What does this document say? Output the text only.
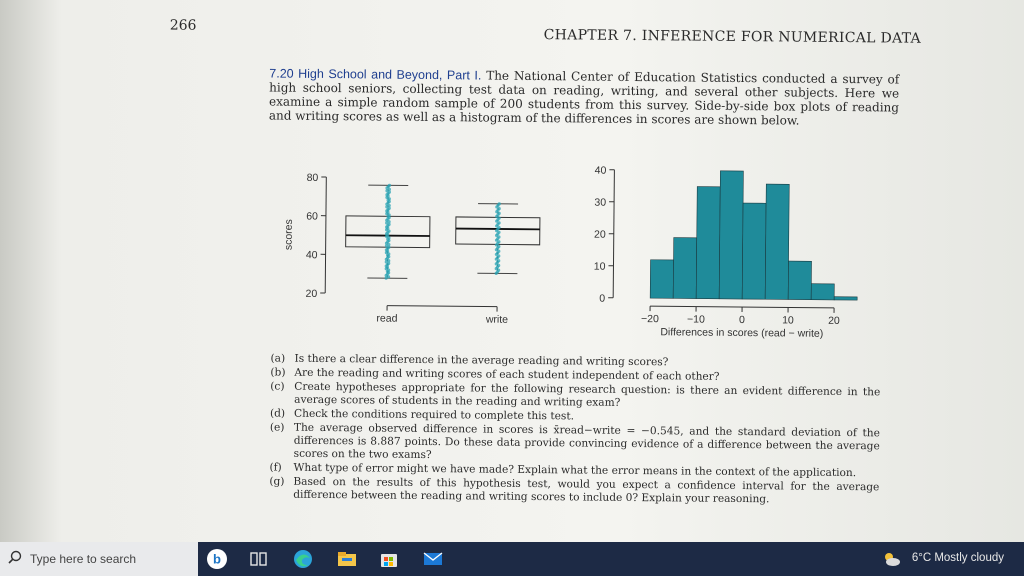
266
CHAPTER 7. INFERENCE FOR NUMERICAL DATA
7.20 High School and Beyond, Part I. The National Center of Education Statistics conducted a survey of high school seniors, collecting test data on reading, writing, and several other subjects. Here we examine a simple random sample of 200 students from this survey. Side-by-side box plots of reading and writing scores as well as a histogram of the differences in scores are shown below.
20
40
60
80
scores
read	write
0
10
20
30
40
−20	−10	0	10	20
Differences in scores (read − write)
(a) Is there a clear difference in the average reading and writing scores?
(b) Are the reading and writing scores of each student independent of each other?
(c) Create hypotheses appropriate for the following research question: is there an evident difference in the average scores of students in the reading and writing exam?
(d) Check the conditions required to complete this test.
(e) The average observed difference in scores is x̄read−write = −0.545, and the standard deviation of the differences is 8.887 points. Do these data provide convincing evidence of a difference between the average scores on the two exams?
(f)	What type of error might we have made? Explain what the error means in the context of the application.
(g) Based on the results of this hypothesis test, would you expect a confidence interval for the average difference between the reading and writing scores to include 0? Explain your reasoning.
Type here to search	b	6°C Mostly cloudy
